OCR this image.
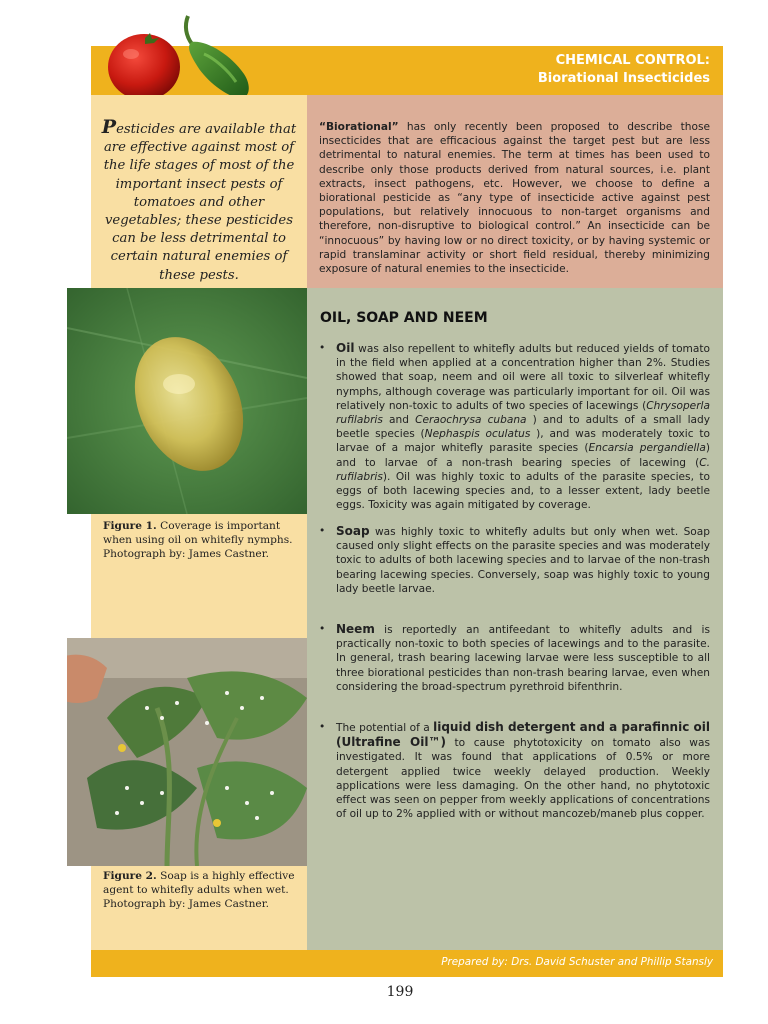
CHEMICAL CONTROL:
Biorational Insecticides
Pesticides are available that are effective against most of the life stages of most of the important insect pests of tomatoes and other vegetables; these pesticides can be less detrimental to certain natural enemies of these pests.
“Biorational” has only recently been proposed to describe those insecticides that are efficacious against the target pest but are less detrimental to natural enemies. The term at times has been used to describe only those products derived from natural sources, i.e. plant extracts, insect pathogens, etc. However, we choose to define a biorational pesticide as “any type of insecticide active against pest populations, but relatively innocuous to non-target organisms and therefore, non-disruptive to biological control.” An insecticide can be “innocuous” by having low or no direct toxicity, or by having systemic or rapid translaminar activity or short field residual, thereby minimizing exposure of natural enemies to the insecticide.
OIL, SOAP AND NEEM
• Oil was also repellent to whitefly adults but reduced yields of tomato in the field when applied at a concentration higher than 2%. Studies showed that soap, neem and oil were all toxic to silverleaf whitefly nymphs, although coverage was particularly important for oil. Oil was relatively non-toxic to adults of two species of lacewings (Chrysoperla rufilabris and Ceraochrysa cubana ) and to adults of a small lady beetle species (Nephaspis oculatus ), and was moderately toxic to larvae of a major whitefly parasite species (Encarsia pergandiella) and to larvae of a non-trash bearing species of lacewing (C. rufilabris). Oil was highly toxic to adults of the parasite species, to eggs of both lacewing species and, to a lesser extent, lady beetle eggs. Toxicity was again mitigated by coverage.
• Soap was highly toxic to whitefly adults but only when wet. Soap caused only slight effects on the parasite species and was moderately toxic to adults of both lacewing species and to larvae of the non-trash bearing lacewing species. Conversely, soap was highly toxic to young lady beetle larvae.
• Neem is reportedly an antifeedant to whitefly adults and is practically non-toxic to both species of lacewings and to the parasite. In general, trash bearing lacewing larvae were less susceptible to all three biorational pesticides than non-trash bearing larvae, even when considering the broad-spectrum pyrethroid bifenthrin.
• The potential of a liquid dish detergent and a parafinnic oil (Ultrafine Oil™) to cause phytotoxicity on tomato also was investigated. It was found that applications of 0.5% or more detergent applied twice weekly delayed production. Weekly applications were less damaging. On the other hand, no phytotoxic effect was seen on pepper from weekly applications of concentrations of oil up to 2% applied with or without mancozeb/maneb plus copper.
Figure 1. Coverage is important when using oil on whitefly nymphs. Photograph by: James Castner.
Figure 2. Soap is a highly effective agent to whitefly adults when wet. Photograph by: James Castner.
Prepared by: Drs. David Schuster and Phillip Stansly
199
